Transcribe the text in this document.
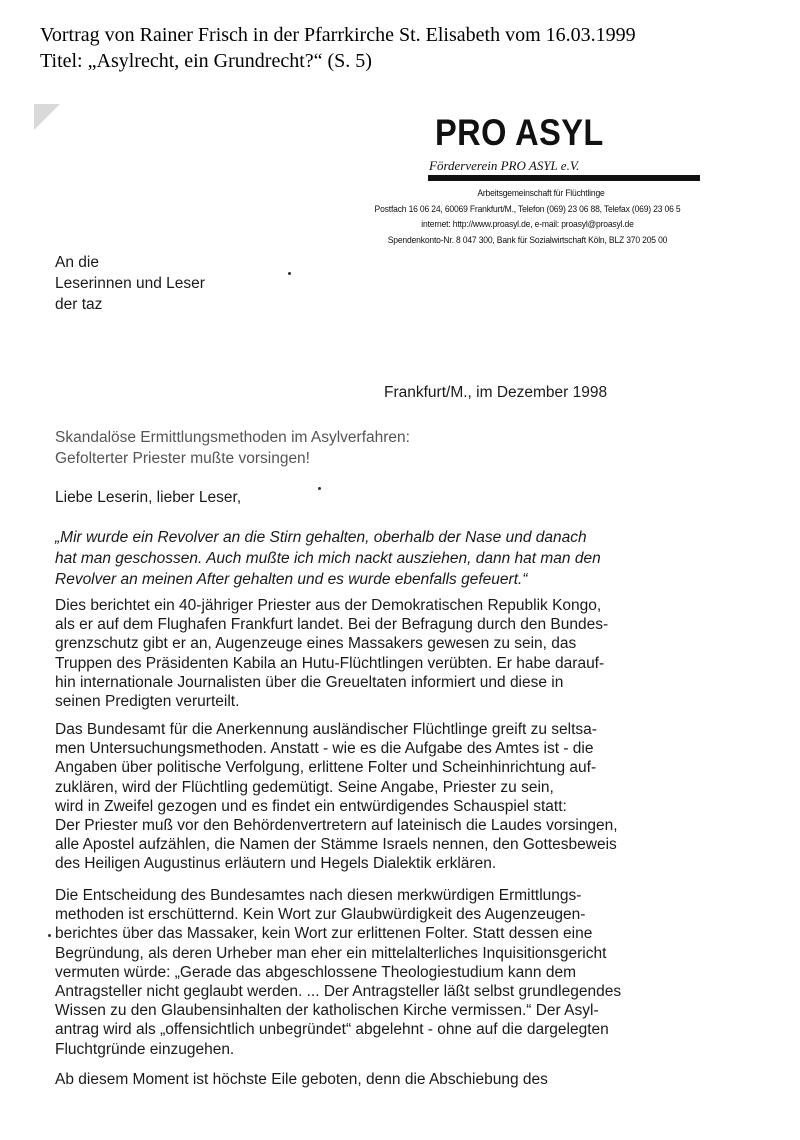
Vortrag von Rainer Frisch in der Pfarrkirche St. Elisabeth vom 16.03.1999
Titel: „Asylrecht, ein Grundrecht?“ (S. 5)
PRO ASYL
Förderverein PRO ASYL e.V.
Arbeitsgemeinschaft für Flüchtlinge
Postfach 16 06 24, 60069 Frankfurt/M., Telefon (069) 23 06 88, Telefax (069) 23 06 5
internet: http://www.proasyl.de, e-mail: proasyl@proasyl.de
Spendenkonto-Nr. 8 047 300, Bank für Sozialwirtschaft Köln, BLZ 370 205 00
An die
Leserinnen und Leser
der taz
Frankfurt/M., im Dezember 1998
Skandalöse Ermittlungsmethoden im Asylverfahren:
Gefolterter Priester mußte vorsingen!
Liebe Leserin, lieber Leser,
„Mir wurde ein Revolver an die Stirn gehalten, oberhalb der Nase und danach
hat man geschossen. Auch mußte ich mich nackt ausziehen, dann hat man den
Revolver an meinen After gehalten und es wurde ebenfalls gefeuert.“
Dies berichtet ein 40-jähriger Priester aus der Demokratischen Republik Kongo,
als er auf dem Flughafen Frankfurt landet. Bei der Befragung durch den Bundes-
grenzschutz gibt er an, Augenzeuge eines Massakers gewesen zu sein, das
Truppen des Präsidenten Kabila an Hutu-Flüchtlingen verübten. Er habe darauf-
hin internationale Journalisten über die Greueltaten informiert und diese in
seinen Predigten verurteilt.
Das Bundesamt für die Anerkennung ausländischer Flüchtlinge greift zu seltsa-
men Untersuchungsmethoden. Anstatt - wie es die Aufgabe des Amtes ist - die
Angaben über politische Verfolgung, erlittene Folter und Scheinhinrichtung auf-
zuklären, wird der Flüchtling gedemütigt. Seine Angabe, Priester zu sein,
wird in Zweifel gezogen und es findet ein entwürdigendes Schauspiel statt:
Der Priester muß vor den Behördenvertretern auf lateinisch die Laudes vorsingen,
alle Apostel aufzählen, die Namen der Stämme Israels nennen, den Gottesbeweis
des Heiligen Augustinus erläutern und Hegels Dialektik erklären.
Die Entscheidung des Bundesamtes nach diesen merkwürdigen Ermittlungs-
methoden ist erschütternd. Kein Wort zur Glaubwürdigkeit des Augenzeugen-
berichtes über das Massaker, kein Wort zur erlittenen Folter. Statt dessen eine
Begründung, als deren Urheber man eher ein mittelalterliches Inquisitionsgericht
vermuten würde: „Gerade das abgeschlossene Theologiestudium kann dem
Antragsteller nicht geglaubt werden. ... Der Antragsteller läßt selbst grundlegendes
Wissen zu den Glaubensinhalten der katholischen Kirche vermissen.“ Der Asyl-
antrag wird als „offensichtlich unbegründet“ abgelehnt - ohne auf die dargelegten
Fluchtgründe einzugehen.
Ab diesem Moment ist höchste Eile geboten, denn die Abschiebung des
